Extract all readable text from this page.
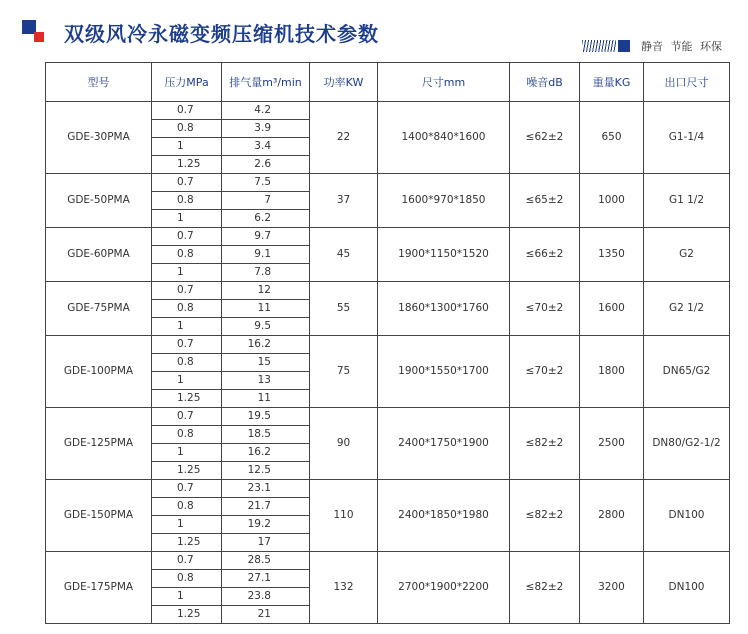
双级风冷永磁变频压缩机技术参数
静音 节能 环保
型号	压力MPa	排气量m³/min	功率KW	尺寸mm	噪音dB	重量KG	出口尺寸
GDE-30PMA	0.7	4.2	22	1400*840*1600	≤62±2	650	G1-1/4
	0.8	3.9					
	1	3.4					
	1.25	2.6					
GDE-50PMA	0.7	7.5	37	1600*970*1850	≤65±2	1000	G1 1/2
	0.8	7					
	1	6.2					
GDE-60PMA	0.7	9.7	45	1900*1150*1520	≤66±2	1350	G2
	0.8	9.1					
	1	7.8					
GDE-75PMA	0.7	12	55	1860*1300*1760	≤70±2	1600	G2 1/2
	0.8	11					
	1	9.5					
GDE-100PMA	0.7	16.2	75	1900*1550*1700	≤70±2	1800	DN65/G2
	0.8	15					
	1	13					
	1.25	11					
GDE-125PMA	0.7	19.5	90	2400*1750*1900	≤82±2	2500	DN80/G2-1/2
	0.8	18.5					
	1	16.2					
	1.25	12.5					
GDE-150PMA	0.7	23.1	110	2400*1850*1980	≤82±2	2800	DN100
	0.8	21.7					
	1	19.2					
	1.25	17					
GDE-175PMA	0.7	28.5	132	2700*1900*2200	≤82±2	3200	DN100
	0.8	27.1					
	1	23.8					
	1.25	21					
